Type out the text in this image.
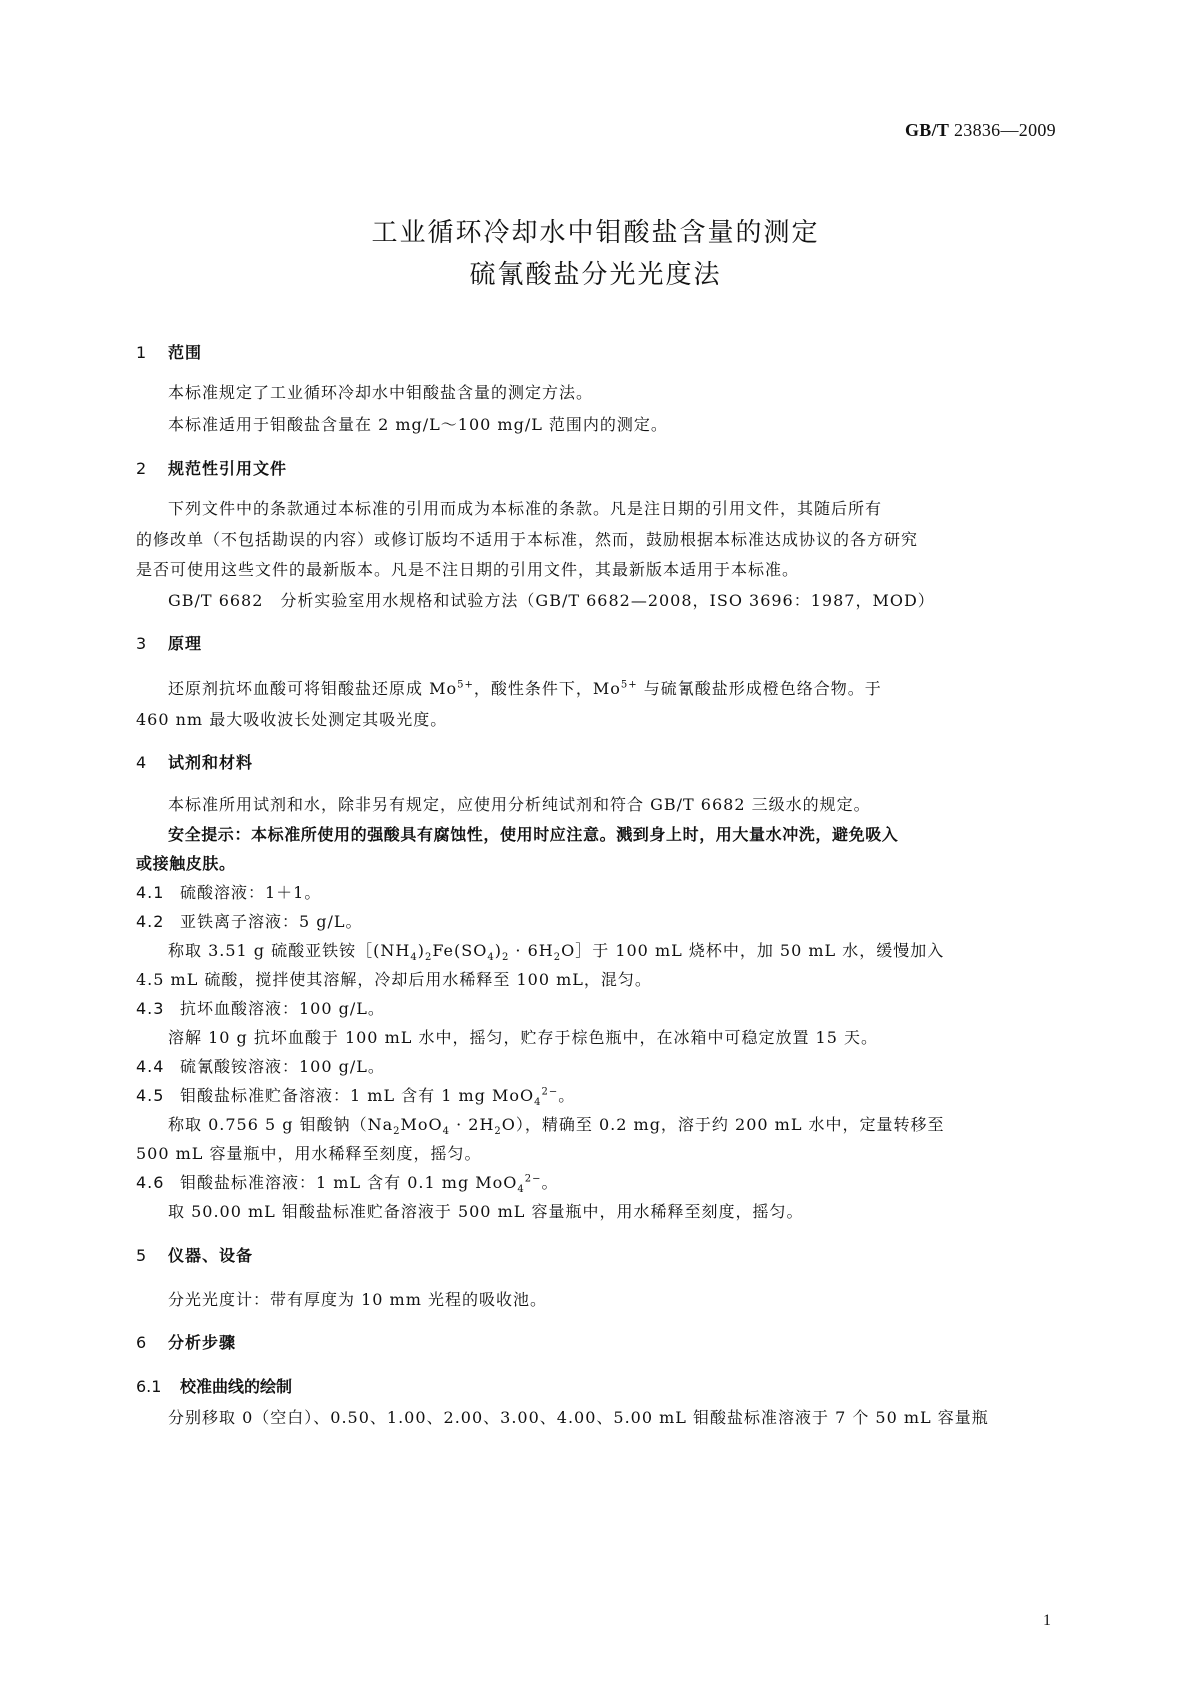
GB/T 23836—2009
工业循环冷却水中钼酸盐含量的测定
硫氰酸盐分光光度法
1 范围
本标准规定了工业循环冷却水中钼酸盐含量的测定方法。
本标准适用于钼酸盐含量在 2 mg/L～100 mg/L 范围内的测定。
2 规范性引用文件
下列文件中的条款通过本标准的引用而成为本标准的条款。凡是注日期的引用文件，其随后所有
的修改单（不包括勘误的内容）或修订版均不适用于本标准，然而，鼓励根据本标准达成协议的各方研究
是否可使用这些文件的最新版本。凡是不注日期的引用文件，其最新版本适用于本标准。
GB/T 6682　分析实验室用水规格和试验方法（GB/T 6682—2008，ISO 3696：1987，MOD）
3 原理
还原剂抗坏血酸可将钼酸盐还原成 $Mo^{5+}$，酸性条件下，$Mo^{5+}$ 与硫氰酸盐形成橙色络合物。于
460 nm 最大吸收波长处测定其吸光度。
4 试剂和材料
本标准所用试剂和水，除非另有规定，应使用分析纯试剂和符合 GB/T 6682 三级水的规定。
安全提示：本标准所使用的强酸具有腐蚀性，使用时应注意。溅到身上时，用大量水冲洗，避免吸入
或接触皮肤。
4.1 硫酸溶液：1＋1。
4.2 亚铁离子溶液：5 g/L。
称取 3.51 g 硫酸亚铁铵$[(NH_4)_2Fe(SO_4)_2$ · $6H_2O]$于 100 mL 烧杯中，加 50 mL 水，缓慢加入
4.5 mL 硫酸，搅拌使其溶解，冷却后用水稀释至 100 mL，混匀。
4.3 抗坏血酸溶液：100 g/L。
溶解 10 g 抗坏血酸于 100 mL 水中，摇匀，贮存于棕色瓶中，在冰箱中可稳定放置 15 天。
4.4 硫氰酸铵溶液：100 g/L。
4.5 钼酸盐标准贮备溶液：1 mL 含有 1 mg MoO$_4^{2-}$。
称取 0.756 5 g 钼酸钠$(Na_2MoO_4 \cdot 2H_2O)$，精确至 0.2 mg，溶于约 200 mL 水中，定量转移至
500 mL 容量瓶中，用水稀释至刻度，摇匀。
4.6 钼酸盐标准溶液：1 mL 含有 0.1 mg MoO$_4^{2-}$。
取 50.00 mL 钼酸盐标准贮备溶液于 500 mL 容量瓶中，用水稀释至刻度，摇匀。
5 仪器、设备
分光光度计：带有厚度为 10 mm 光程的吸收池。
6 分析步骤
6.1 校准曲线的绘制
分别移取 0（空白）、0.50、1.00、2.00、3.00、4.00、5.00 mL 钼酸盐标准溶液于 7 个 50 mL 容量瓶
1
